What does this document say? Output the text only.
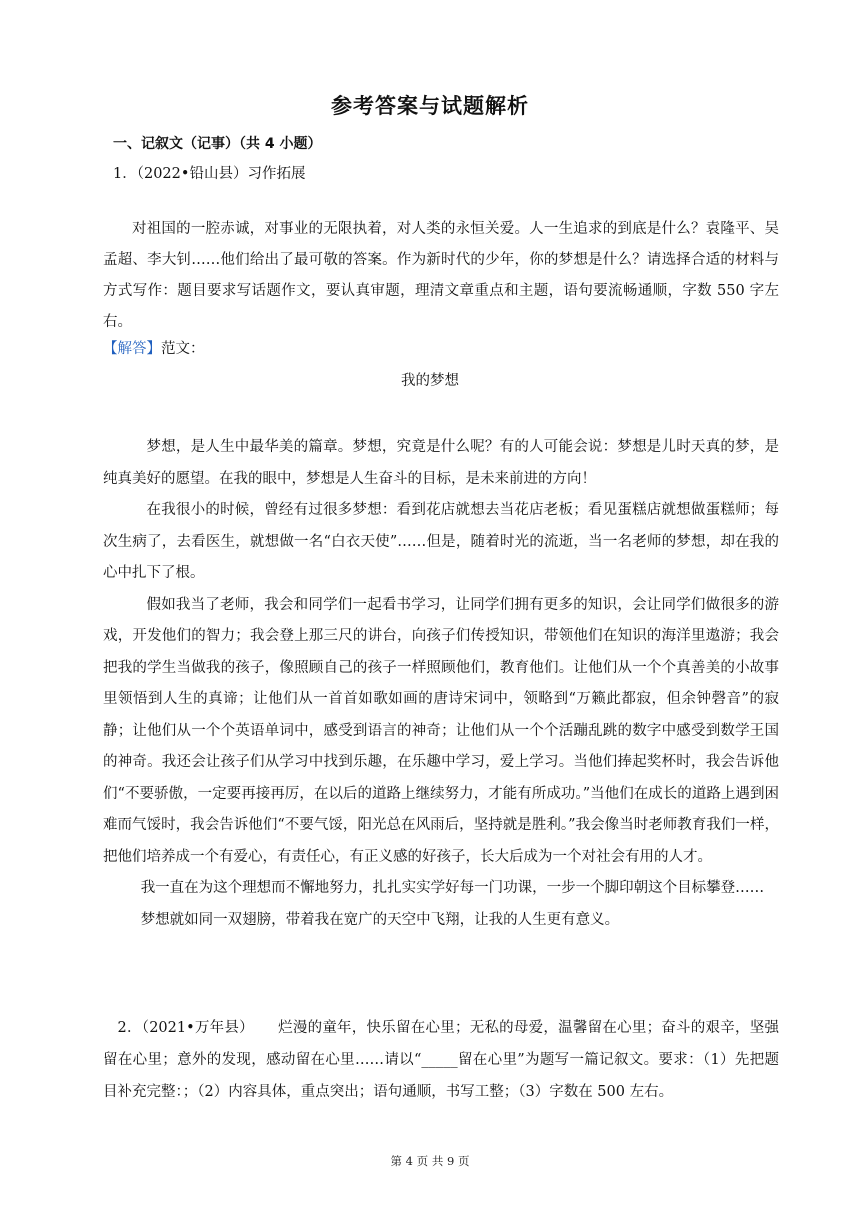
参考答案与试题解析
一、记叙文（记事）（共 4 小题）
1．（2022•铅山县）习作拓展

对祖国的一腔赤诚，对事业的无限执着，对人类的永恒关爱。人一生追求的到底是什么？袁隆平、吴孟超、李大钊……他们给出了最可敬的答案。作为新时代的少年，你的梦想是什么？请选择合适的材料与方式写作：题目要求写话题作文，要认真审题，理清文章重点和主题，语句要流畅通顺，字数 550 字左右。

【解答】范文：
我的梦想

梦想，是人生中最华美的篇章。梦想，究竟是什么呢？有的人可能会说：梦想是儿时天真的梦，是纯真美好的愿望。在我的眼中，梦想是人生奋斗的目标，是未来前进的方向！

在我很小的时候，曾经有过很多梦想：看到花店就想去当花店老板；看见蛋糕店就想做蛋糕师；每次生病了，去看医生，就想做一名“白衣天使”……但是，随着时光的流逝，当一名老师的梦想，却在我的心中扎下了根。

假如我当了老师，我会和同学们一起看书学习，让同学们拥有更多的知识，会让同学们做很多的游戏，开发他们的智力；我会登上那三尺的讲台，向孩子们传授知识，带领他们在知识的海洋里遨游；我会把我的学生当做我的孩子，像照顾自己的孩子一样照顾他们，教育他们。让他们从一个个真善美的小故事里领悟到人生的真谛；让他们从一首首如歌如画的唐诗宋词中，领略到“万籁此都寂，但余钟磬音”的寂静；让他们从一个个英语单词中，感受到语言的神奇；让他们从一个个活蹦乱跳的数字中感受到数学王国的神奇。我还会让孩子们从学习中找到乐趣，在乐趣中学习，爱上学习。当他们捧起奖杯时，我会告诉他们“不要骄傲，一定要再接再厉，在以后的道路上继续努力，才能有所成功。”当他们在成长的道路上遇到困难而气馁时，我会告诉他们“不要气馁，阳光总在风雨后，坚持就是胜利。”我会像当时老师教育我们一样，把他们培养成一个有爱心，有责任心，有正义感的好孩子，长大后成为一个对社会有用的人才。

我一直在为这个理想而不懈地努力，扎扎实实学好每一门功课，一步一个脚印朝这个目标攀登……

梦想就如同一双翅膀，带着我在宽广的天空中飞翔，让我的人生更有意义。

2．（2021•万年县） 烂漫的童年，快乐留在心里；无私的母爱，温馨留在心里；奋斗的艰辛，坚强留在心里；意外的发现，感动留在心里……请以“_____留在心里”为题写一篇记叙文。要求：（1）先把题目补充完整：；（2）内容具体，重点突出；语句通顺，书写工整；（3）字数在 500 左右。

第 4 页 共 9 页
